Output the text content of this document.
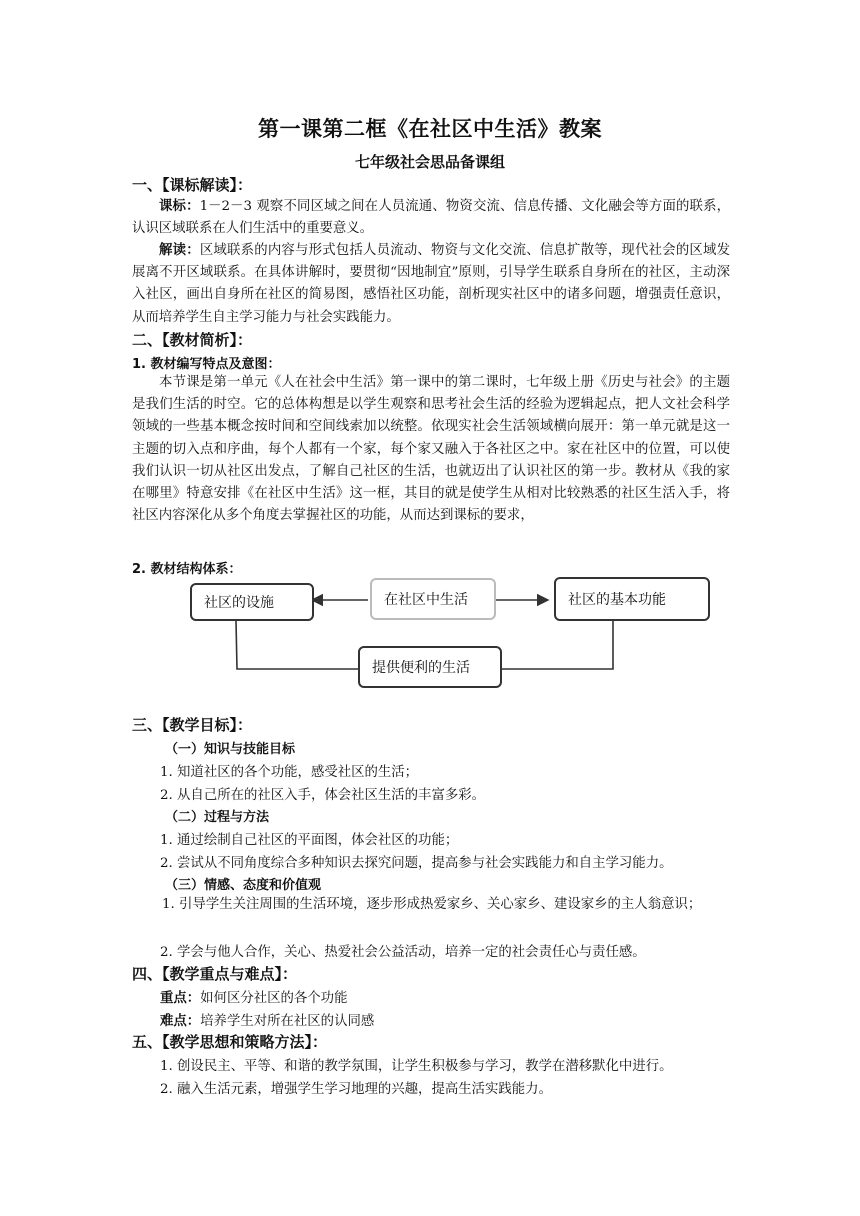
第一课第二框《在社区中生活》教案
七年级社会思品备课组
一、【课标解读】：

课标：1－2－3 观察不同区域之间在人员流通、物资交流、信息传播、文化融会等方面的联系，认识区域联系在人们生活中的重要意义。

解读：区域联系的内容与形式包括人员流动、物资与文化交流、信息扩散等，现代社会的区域发展离不开区域联系。在具体讲解时，要贯彻“因地制宜”原则，引导学生联系自身所在的社区，主动深入社区，画出自身所在社区的简易图，感悟社区功能，剖析现实社区中的诸多问题，增强责任意识，从而培养学生自主学习能力与社会实践能力。

二、【教材简析】：
1. 教材编写特点及意图：

本节课是第一单元《人在社会中生活》第一课中的第二课时，七年级上册《历史与社会》的主题是我们生活的时空。它的总体构想是以学生观察和思考社会生活的经验为逻辑起点，把人文社会科学领域的一些基本概念按时间和空间线索加以统整。依现实社会生活领域横向展开：第一单元就是这一主题的切入点和序曲，每个人都有一个家，每个家又融入于各社区之中。家在社区中的位置，可以使我们认识一切从社区出发点，了解自己社区的生活，也就迈出了认识社区的第一步。教材从《我的家在哪里》特意安排《在社区中生活》这一框，其目的就是使学生从相对比较熟悉的社区生活入手，将社区内容深化从多个角度去掌握社区的功能，从而达到课标的要求，

2. 教材结构体系：
社区的设施	在社区中生活	社区的基本功能
提供便利的生活
三、【教学目标】：
（一）知识与技能目标
1. 知道社区的各个功能，感受社区的生活；
2. 从自己所在的社区入手，体会社区生活的丰富多彩。
（二）过程与方法
1. 通过绘制自己社区的平面图，体会社区的功能；
2. 尝试从不同角度综合多种知识去探究问题，提高参与社会实践能力和自主学习能力。
（三）情感、态度和价值观

1. 引导学生关注周围的生活环境，逐步形成热爱家乡、关心家乡、建设家乡的主人翁意识；

2. 学会与他人合作，关心、热爱社会公益活动，培养一定的社会责任心与责任感。
四、【教学重点与难点】：
重点：如何区分社区的各个功能
难点：培养学生对所在社区的认同感
五、【教学思想和策略方法】：
1. 创设民主、平等、和谐的教学氛围，让学生积极参与学习，教学在潜移默化中进行。
2. 融入生活元素，增强学生学习地理的兴趣，提高生活实践能力。
